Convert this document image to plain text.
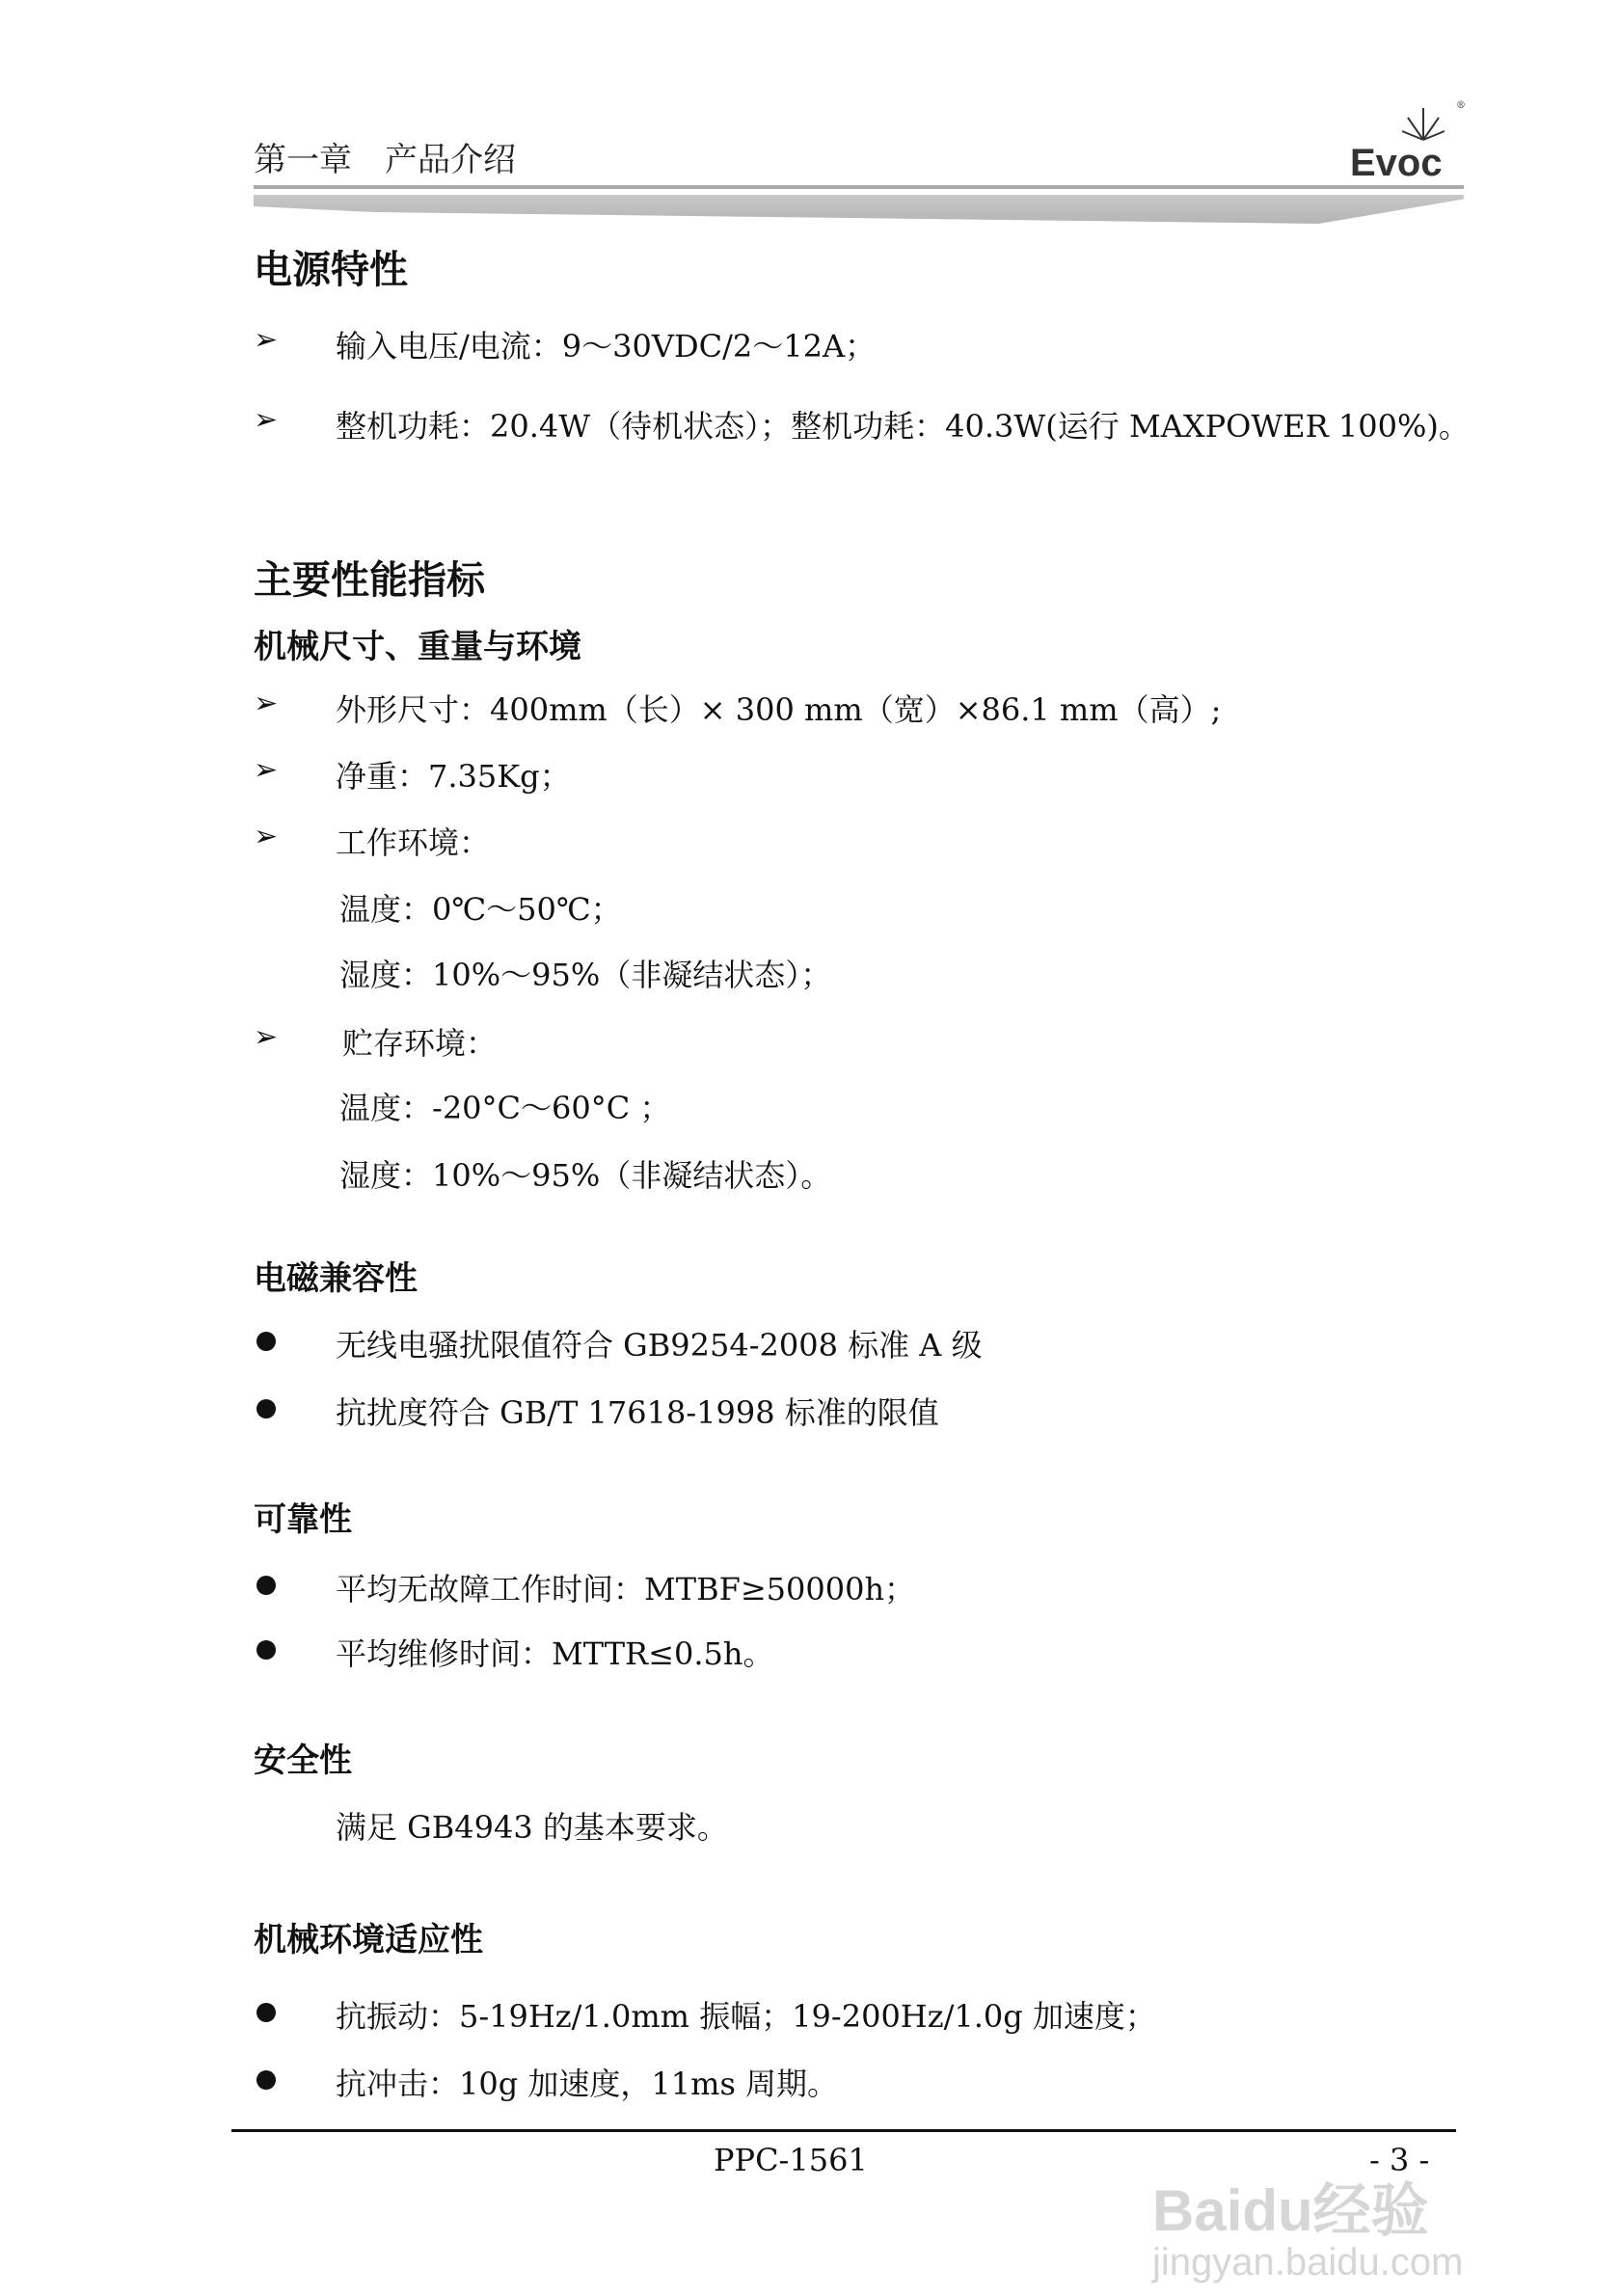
第一章　产品介绍	Evoc
®
电源特性
➢ 输入电压/电流：9～30VDC/2～12A；
➢ 整机功耗：20.4W（待机状态）；整机功耗：40.3W(运行 MAXPOWER 100%)。
主要性能指标
机械尺寸、重量与环境
➢ 外形尺寸：400mm（长）× 300 mm（宽）×86.1 mm（高）;
➢ 净重：7.35Kg；
➢ 工作环境：
温度：0℃～50℃；
湿度：10%～95%（非凝结状态）；
➢ 贮存环境：
温度：-20°C～60°C ；
湿度：10%～95%（非凝结状态）。
电磁兼容性
无线电骚扰限值符合 GB9254-2008 标准 A 级
抗扰度符合 GB/T 17618-1998 标准的限值
可靠性
平均无故障工作时间：MTBF≥50000h；
平均维修时间：MTTR≤0.5h。
安全性
满足 GB4943 的基本要求。
机械环境适应性
抗振动：5-19Hz/1.0mm 振幅；19-200Hz/1.0g 加速度；
抗冲击：10g 加速度，11ms 周期。
PPC-1561	- 3 -
Baidu经验
jingyan.baidu.com
